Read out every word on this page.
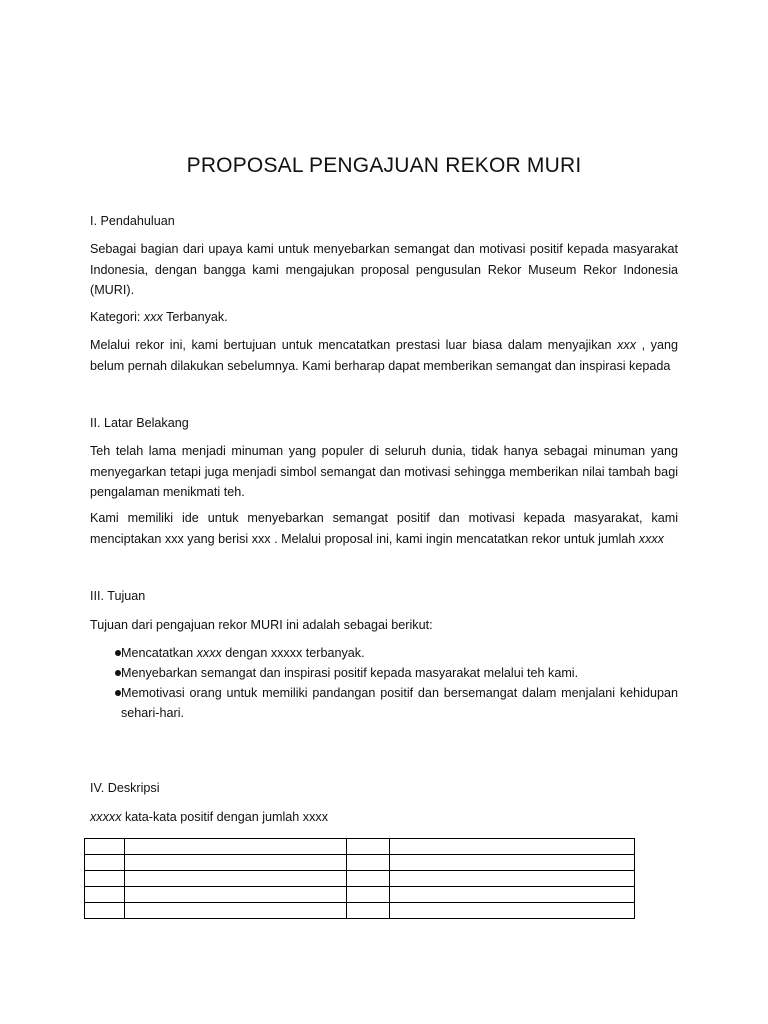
PROPOSAL PENGAJUAN REKOR MURI
I. Pendahuluan
Sebagai bagian dari upaya kami untuk menyebarkan semangat dan motivasi positif kepada masyarakat Indonesia, dengan bangga kami mengajukan proposal pengusulan Rekor Museum Rekor Indonesia (MURI).
Kategori: xxx Terbanyak.
Melalui rekor ini, kami bertujuan untuk mencatatkan prestasi luar biasa dalam menyajikan xxx , yang belum pernah dilakukan sebelumnya. Kami berharap dapat memberikan semangat dan inspirasi kepada
II. Latar Belakang
Teh telah lama menjadi minuman yang populer di seluruh dunia, tidak hanya sebagai minuman yang menyegarkan tetapi juga menjadi simbol semangat dan motivasi sehingga memberikan nilai tambah bagi pengalaman menikmati teh.
Kami memiliki ide untuk menyebarkan semangat positif dan motivasi kepada masyarakat, kami menciptakan xxx yang berisi xxx . Melalui proposal ini, kami ingin mencatatkan rekor untuk jumlah xxxx
III. Tujuan
Tujuan dari pengajuan rekor MURI ini adalah sebagai berikut:
Mencatatkan xxxx dengan xxxxx terbanyak.
Menyebarkan semangat dan inspirasi positif kepada masyarakat melalui teh kami.
Memotivasi orang untuk memiliki pandangan positif dan bersemangat dalam menjalani kehidupan sehari-hari.
IV. Deskripsi
xxxxx kata-kata positif dengan jumlah xxxx
